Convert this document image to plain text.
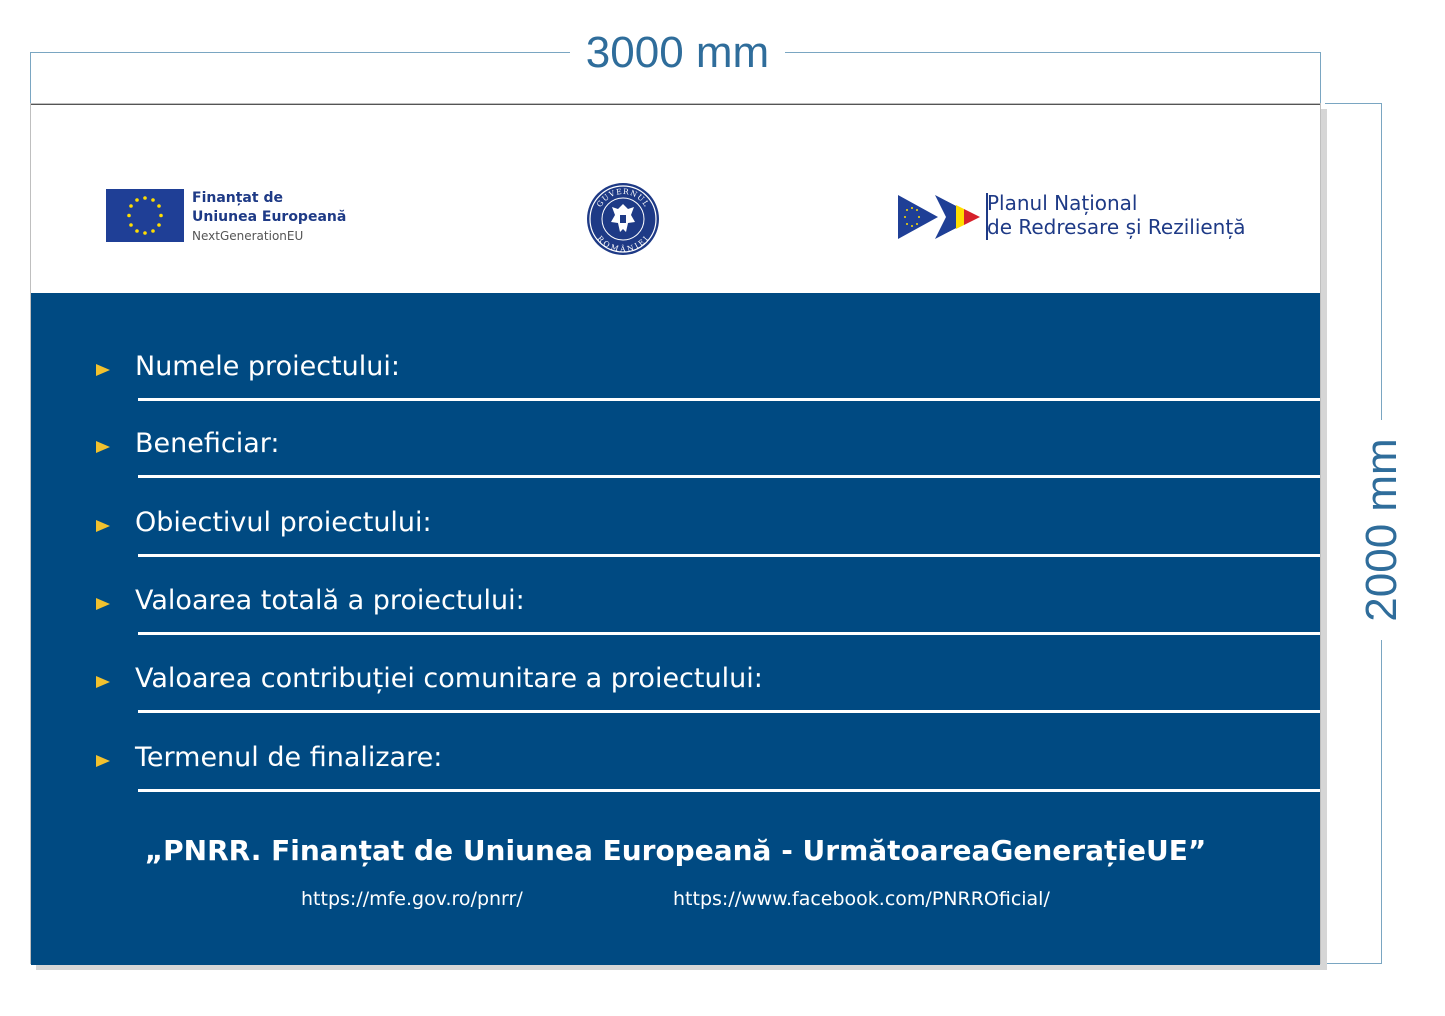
3000 mm
2000 mm
Finanțat de
Uniunea Europeană
NextGenerationEU
GUVERNUL
ROMÂNIEI
Planul Național
de Redresare și Reziliență
Numele proiectului:
Beneficiar:
Obiectivul proiectului:
Valoarea totală a proiectului:
Valoarea contribuției comunitare a proiectului:
Termenul de finalizare:
„PNRR. Finanțat de Uniunea Europeană - UrmătoareaGenerațieUE”
https://mfe.gov.ro/pnrr/	https://www.facebook.com/PNRROficial/
